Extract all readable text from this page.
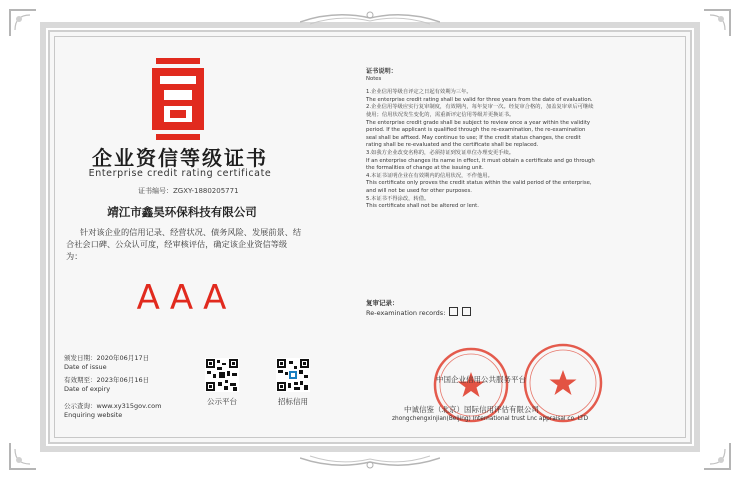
企业资信等级证书
Enterprise credit rating certificate
证书编号：ZGXY-1880205771
靖江市鑫昊环保科技有限公司
针对该企业的信用记录、经营状况、债务风险、发展前景、结合社会口碑、公众认可度，经审核评估，确定该企业资信等级为：
AAA
颁发日期：2020年06月17日
Date of issue
有效期至：2023年06月16日
Date of expiry
公示查询：www.xy315gov.com
Enquiring website
公示平台	招标信用
证书说明：
Notes
1.企业信用等级自评定之日起有效期为三年。
The enterprise credit rating shall be valid for three years from the date of evaluation.
2.企业信用等级应实行复审制度，有效期内，每年复审一次。经复审合格的，加盖复审章后可继续使用；信用状况发生变化的，需重新评定信用等级并更换证书。
The enterprise credit grade shall be subject to review once a year within the validity
period. If the applicant is qualified through the re-examination, the re-examination
seal shall be affixed. May continue to use; If the credit status changes, the credit
rating shall be re-evaluated and the certificate shall be replaced.
3.如我方企业改变名称的，必须持证到发证单位办理变更手续。
If an enterprise changes its name in effect, it must obtain a certificate and go through
the formalities of change at the issuing unit.
4.本证书证明企业在有效期内的信用状况，不作他用。
This certificate only proves the credit status within the valid period of the enterprise,
and will not be used for other purposes.
5.本证书不得涂改，转借。
This certificate shall not be altered or lent.
复审记录：
Re-examination records:
中国企业信用公共服务平台
中诚信鉴（北京）国际信用评估有限公司
zhongchengxinjian(Beijing) International trust Lnc appraisal co. LTD
